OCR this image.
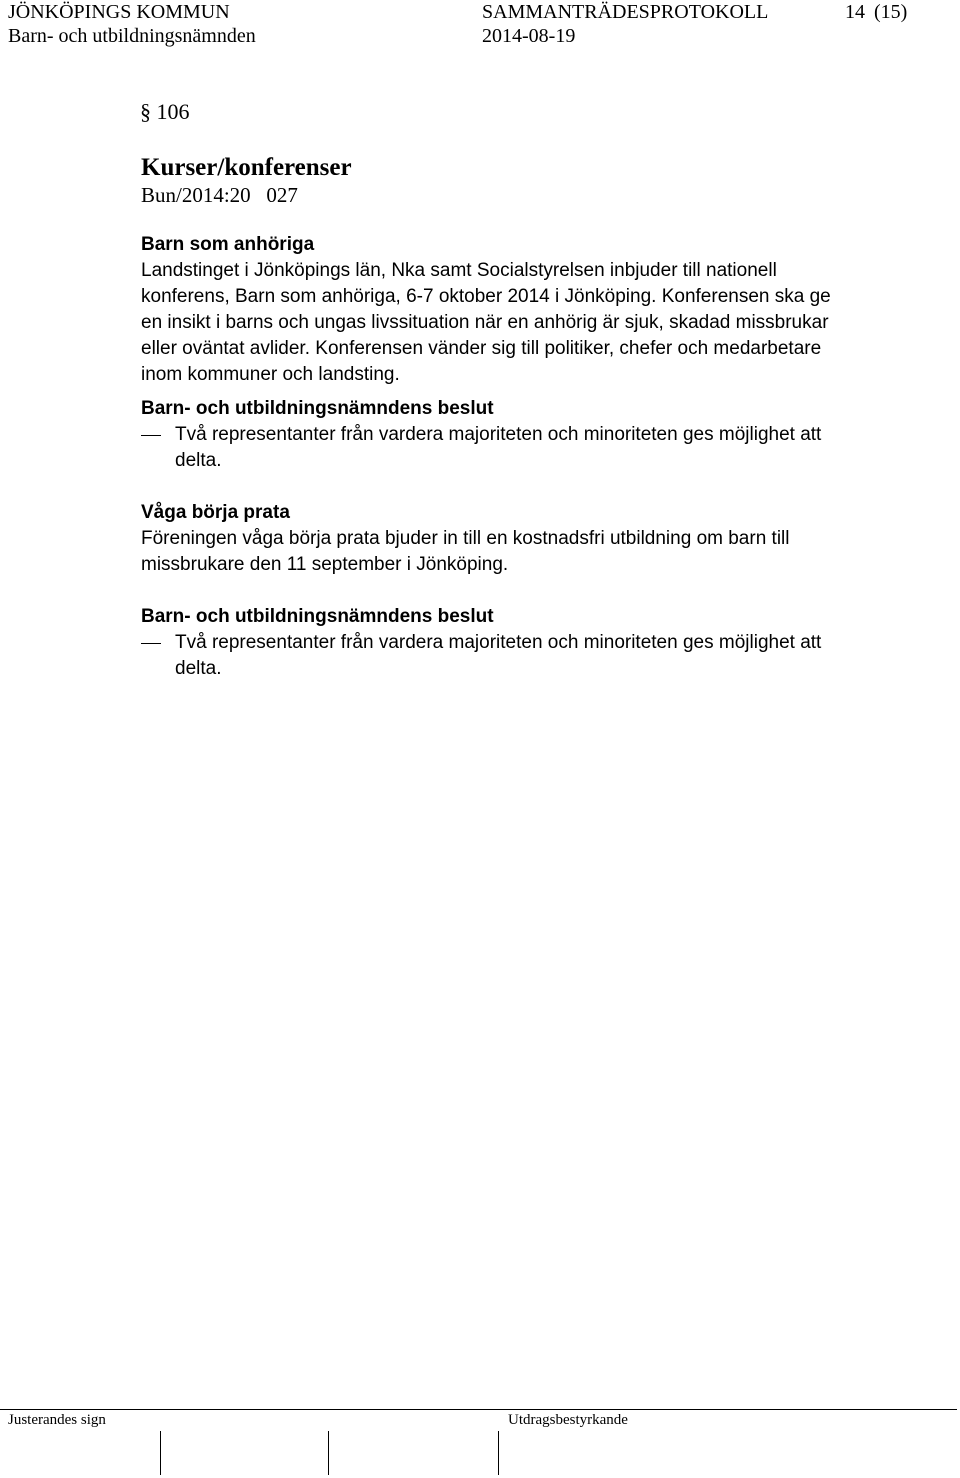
JÖNKÖPINGS KOMMUN	SAMMANTRÄDESPROTOKOLL	14 (15)
Barn- och utbildningsnämnden	2014-08-19
§ 106
Kurser/konferenser
Bun/2014:20   027
Barn som anhöriga

Landstinget i Jönköpings län, Nka samt Socialstyrelsen inbjuder till nationell konferens, Barn som anhöriga, 6-7 oktober 2014 i Jönköping. Konferensen ska ge en insikt i barns och ungas livssituation när en anhörig är sjuk, skadad missbrukar eller oväntat avlider. Konferensen vänder sig till politiker, chefer och medarbetare inom kommuner och landsting.

Barn- och utbildningsnämndens beslut
Två representanter från vardera majoriteten och minoriteten ges möjlighet att delta.
Våga börja prata

Föreningen våga börja prata bjuder in till en kostnadsfri utbildning om barn till missbrukare den 11 september i Jönköping.

Barn- och utbildningsnämndens beslut
Två representanter från vardera majoriteten och minoriteten ges möjlighet att delta.
Justerandes sign	Utdragsbestyrkande
